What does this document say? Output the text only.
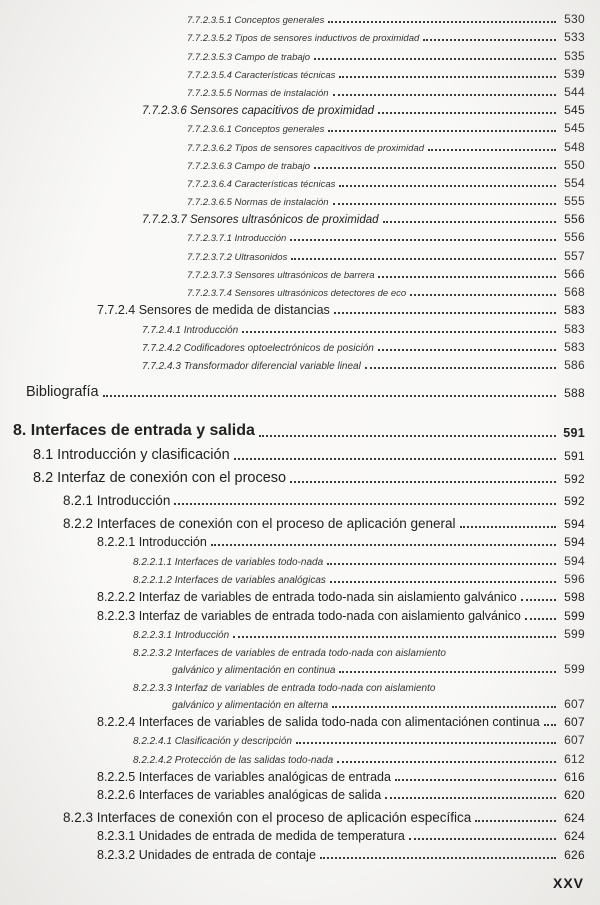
7.7.2.3.5.1 Conceptos generales	530
7.7.2.3.5.2 Tipos de sensores inductivos de proximidad	533
7.7.2.3.5.3 Campo de trabajo	535
7.7.2.3.5.4 Características técnicas	539
7.7.2.3.5.5 Normas de instalación	544
7.7.2.3.6 Sensores capacitivos de proximidad	545
7.7.2.3.6.1 Conceptos generales	545
7.7.2.3.6.2 Tipos de sensores capacitivos de proximidad	548
7.7.2.3.6.3 Campo de trabajo	550
7.7.2.3.6.4 Características técnicas	554
7.7.2.3.6.5 Normas de instalación	555
7.7.2.3.7 Sensores ultrasónicos de proximidad	556
7.7.2.3.7.1 Introducción	556
7.7.2.3.7.2 Ultrasonidos	557
7.7.2.3.7.3 Sensores ultrasónicos de barrera	566
7.7.2.3.7.4 Sensores ultrasónicos detectores de eco	568
7.7.2.4 Sensores de medida de distancias	583
7.7.2.4.1 Introducción	583
7.7.2.4.2 Codificadores optoelectrónicos de posición	583
7.7.2.4.3 Transformador diferencial variable lineal	586
Bibliografía	588
8. Interfaces de entrada y salida	591
8.1 Introducción y clasificación	591
8.2 Interfaz de conexión con el proceso	592
8.2.1 Introducción	592
8.2.2 Interfaces de conexión con el proceso de aplicación general	594
8.2.2.1 Introducción	594
8.2.2.1.1 Interfaces de variables todo-nada	594
8.2.2.1.2 Interfaces de variables analógicas	596
8.2.2.2 Interfaz de variables de entrada todo-nada sin aislamiento galvánico	598
8.2.2.3 Interfaz de variables de entrada todo-nada con aislamiento galvánico	599
8.2.2.3.1 Introducción	599
8.2.2.3.2 Interfaces de variables de entrada todo-nada con aislamiento
galvánico y alimentación en continua	599
8.2.2.3.3 Interfaz de variables de entrada todo-nada con aislamiento
galvánico y alimentación en alterna	607
8.2.2.4 Interfaces de variables de salida todo-nada con alimentaciónen continua	607
8.2.2.4.1 Clasificación y descripción	607
8.2.2.4.2 Protección de las salidas todo-nada	612
8.2.2.5 Interfaces de variables analógicas de entrada	616
8.2.2.6 Interfaces de variables analógicas de salida	620
8.2.3 Interfaces de conexión con el proceso de aplicación específica	624
8.2.3.1 Unidades de entrada de medida de temperatura	624
8.2.3.2 Unidades de entrada de contaje	626
XXV
